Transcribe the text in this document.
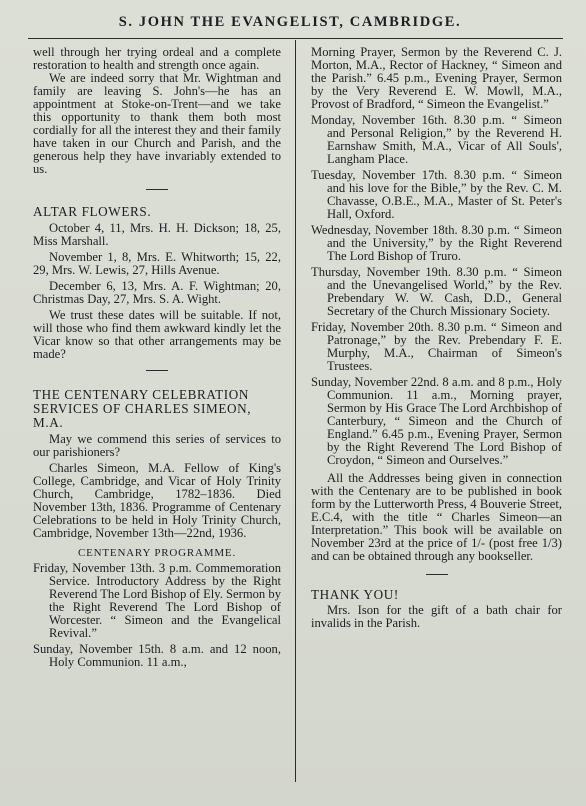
S. JOHN THE EVANGELIST, CAMBRIDGE.

well through her trying ordeal and a complete restoration to health and strength once again.

We are indeed sorry that Mr. Wightman and family are leaving S. John's—he has an appointment at Stoke-on-Trent—and we take this opportunity to thank them both most cordially for all the interest they and their family have taken in our Church and Parish, and the generous help they have invariably extended to us.

ALTAR FLOWERS.

October 4, 11, Mrs. H. H. Dickson; 18, 25, Miss Marshall.

November 1, 8, Mrs. E. Whitworth; 15, 22, 29, Mrs. W. Lewis, 27, Hills Avenue.

December 6, 13, Mrs. A. F. Wightman; 20, Christmas Day, 27, Mrs. S. A. Wight.

We trust these dates will be suitable. If not, will those who find them awkward kindly let the Vicar know so that other arrangements may be made?

THE CENTENARY CELEBRATION SERVICES OF CHARLES SIMEON, M.A.

May we commend this series of services to our parishioners?

Charles Simeon, M.A. Fellow of King's College, Cambridge, and Vicar of Holy Trinity Church, Cambridge, 1782–1836. Died November 13th, 1836. Programme of Centenary Celebrations to be held in Holy Trinity Church, Cambridge, November 13th—22nd, 1936.

CENTENARY PROGRAMME.

Friday, November 13th. 3 p.m. Commemoration Service. Introductory Address by the Right Reverend The Lord Bishop of Ely. Sermon by the Right Reverend The Lord Bishop of Worcester. “ Simeon and the Evangelical Revival.”

Sunday, November 15th. 8 a.m. and 12 noon, Holy Communion. 11 a.m.,

Morning Prayer, Sermon by the Reverend C. J. Morton, M.A., Rector of Hackney, “ Simeon and the Parish.” 6.45 p.m., Evening Prayer, Sermon by the Very Reverend E. W. Mowll, M.A., Provost of Bradford, “ Simeon the Evangelist.”

Monday, November 16th. 8.30 p.m. “ Simeon and Personal Religion,” by the Reverend H. Earnshaw Smith, M.A., Vicar of All Souls', Langham Place.

Tuesday, November 17th. 8.30 p.m. “ Simeon and his love for the Bible,” by the Rev. C. M. Chavasse, O.B.E., M.A., Master of St. Peter's Hall, Oxford.

Wednesday, November 18th. 8.30 p.m. “ Simeon and the University,” by the Right Reverend The Lord Bishop of Truro.

Thursday, November 19th. 8.30 p.m. “ Simeon and the Unevangelised World,” by the Rev. Prebendary W. W. Cash, D.D., General Secretary of the Church Missionary Society.

Friday, November 20th. 8.30 p.m. “ Simeon and Patronage,” by the Rev. Prebendary F. E. Murphy, M.A., Chairman of Simeon's Trustees.

Sunday, November 22nd. 8 a.m. and 8 p.m., Holy Communion. 11 a.m., Morning prayer, Sermon by His Grace The Lord Archbishop of Canterbury, “ Simeon and the Church of England.” 6.45 p.m., Evening Prayer, Sermon by the Right Reverend The Lord Bishop of Croydon, “ Simeon and Ourselves.”

All the Addresses being given in connection with the Centenary are to be published in book form by the Lutterworth Press, 4 Bouverie Street, E.C.4, with the title “ Charles Simeon—an Interpretation.” This book will be available on November 23rd at the price of 1/- (post free 1/3) and can be obtained through any bookseller.

THANK YOU!

Mrs. Ison for the gift of a bath chair for invalids in the Parish.
